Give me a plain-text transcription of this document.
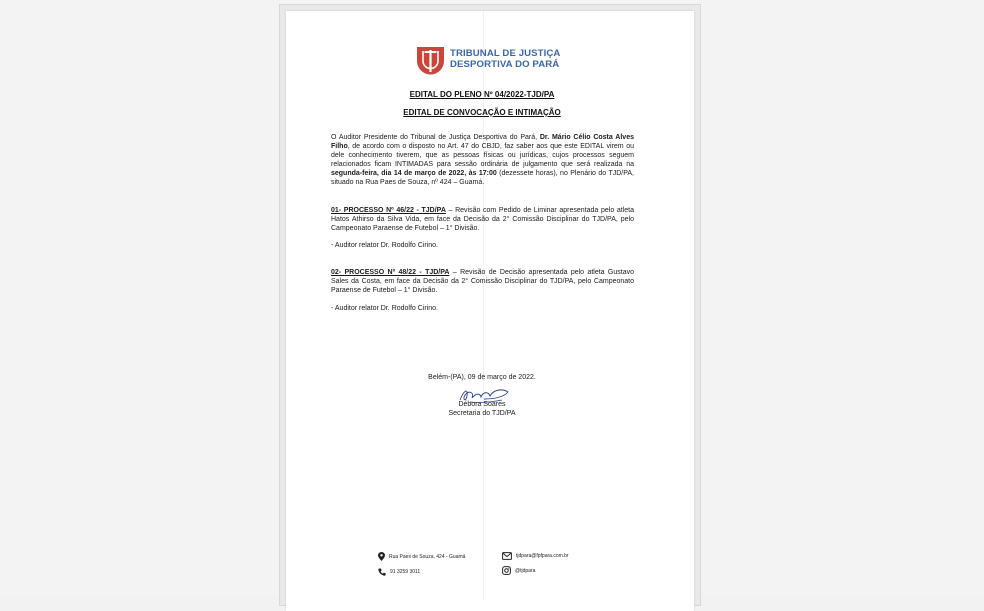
TRIBUNAL DE JUSTIÇA
DESPORTIVA DO PARÁ
EDITAL DO PLENO Nº 04/2022-TJD/PA
EDITAL DE CONVOCAÇÃO E INTIMAÇÃO
O Auditor Presidente do Tribunal de Justiça Desportiva do Pará, Dr. Mário Célio Costa Alves Filho, de acordo com o disposto no Art. 47 do CBJD, faz saber aos que este EDITAL virem ou dele conhecimento tiverem, que as pessoas físicas ou jurídicas, cujos processos seguem relacionados ficam INTIMADAS para sessão ordinária de julgamento que será realizada na segunda-feira, dia 14 de março de 2022, às 17:00 (dezessete horas), no Plenário do TJD/PA, situado na Rua Paes de Souza, nº 424 – Guamá.
01- PROCESSO Nº 46/22 - TJD/PA – Revisão com Pedido de Liminar apresentada pelo atleta Hatos Athirso da Silva Vida, em face da Decisão da 2° Comissão Disciplinar do TJD/PA, pelo Campeonato Paraense de Futebol – 1° Divisão.
- Auditor relator Dr. Rodolfo Cirino.
02- PROCESSO Nº 48/22 - TJD/PA – Revisão de Decisão apresentada pelo atleta Gustavo Sales da Costa, em face da Decisão da 2° Comissão Disciplinar do TJD/PA, pelo Campeonato Paraense de Futebol – 1° Divisão.
- Auditor relator Dr. Rodolfo Cirino.
Belém-(PA), 09 de março de 2022.
Débora Soares
Secretaria do TJD/PA
Rua Paes de Souza, 424 - Guamá
91 3259 3011
tjdpara@fpfpara.com.br
@tjdpara
